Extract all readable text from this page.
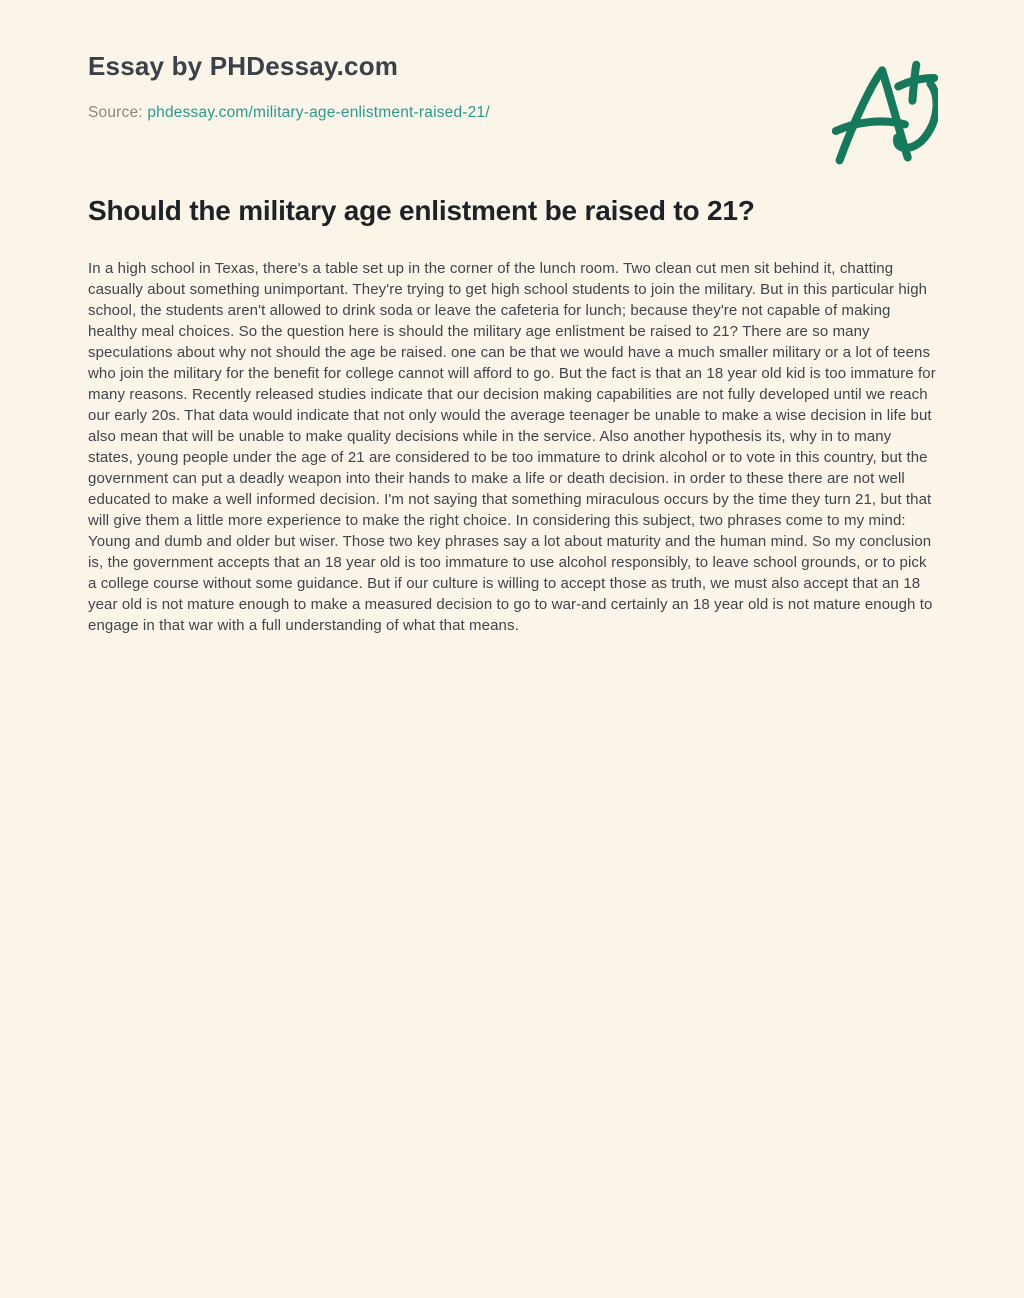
Essay by PHDessay.com
Source: phdessay.com/military-age-enlistment-raised-21/
Should the military age enlistment be raised to 21?

In a high school in Texas, there's a table set up in the corner of the lunch room. Two clean cut men sit behind it, chatting casually about something unimportant. They're trying to get high school students to join the military. But in this particular high school, the students aren't allowed to drink soda or leave the cafeteria for lunch; because they're not capable of making healthy meal choices. So the question here is should the military age enlistment be raised to 21? There are so many speculations about why not should the age be raised. one can be that we would have a much smaller military or a lot of teens who join the military for the benefit for college cannot will afford to go. But the fact is that an 18 year old kid is too immature for many reasons. Recently released studies indicate that our decision making capabilities are not fully developed until we reach our early 20s. That data would indicate that not only would the average teenager be unable to make a wise decision in life but also mean that will be unable to make quality decisions while in the service. Also another hypothesis its, why in to many states, young people under the age of 21 are considered to be too immature to drink alcohol or to vote in this country, but the government can put a deadly weapon into their hands to make a life or death decision. in order to these there are not well educated to make a well informed decision. I'm not saying that something miraculous occurs by the time they turn 21, but that will give them a little more experience to make the right choice. In considering this subject, two phrases come to my mind: Young and dumb and older but wiser. Those two key phrases say a lot about maturity and the human mind. So my conclusion is, the government accepts that an 18 year old is too immature to use alcohol responsibly, to leave school grounds, or to pick a college course without some guidance. But if our culture is willing to accept those as truth, we must also accept that an 18 year old is not mature enough to make a measured decision to go to war-and certainly an 18 year old is not mature enough to engage in that war with a full understanding of what that means.
